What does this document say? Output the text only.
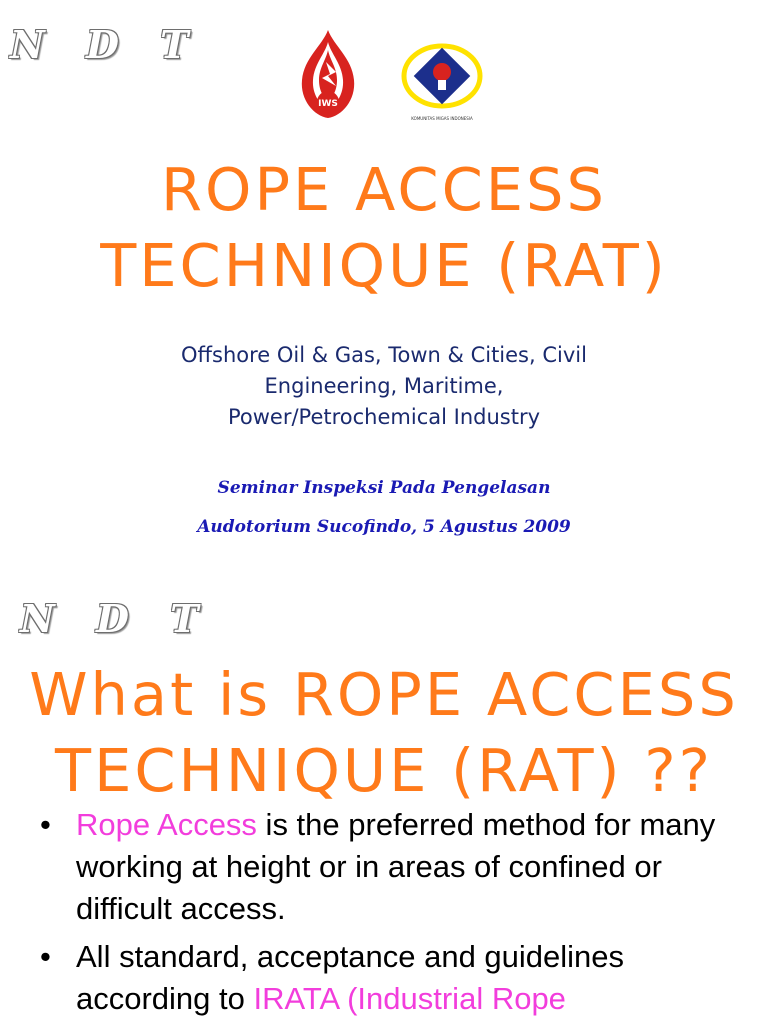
N D T
IWS
KOMUNITAS MIGAS INDONESIA
ROPE ACCESS
TECHNIQUE (RAT)
Offshore Oil & Gas, Town & Cities, Civil
Engineering, Maritime,
Power/Petrochemical Industry
Seminar Inspeksi Pada Pengelasan
Audotorium Sucofindo, 5 Agustus 2009
N D T
What is ROPE ACCESS
TECHNIQUE (RAT) ??
• Rope Access is the preferred method for many working at height or in areas of confined or difficult access.
• All standard, acceptance and guidelines according to IRATA (Industrial Rope
